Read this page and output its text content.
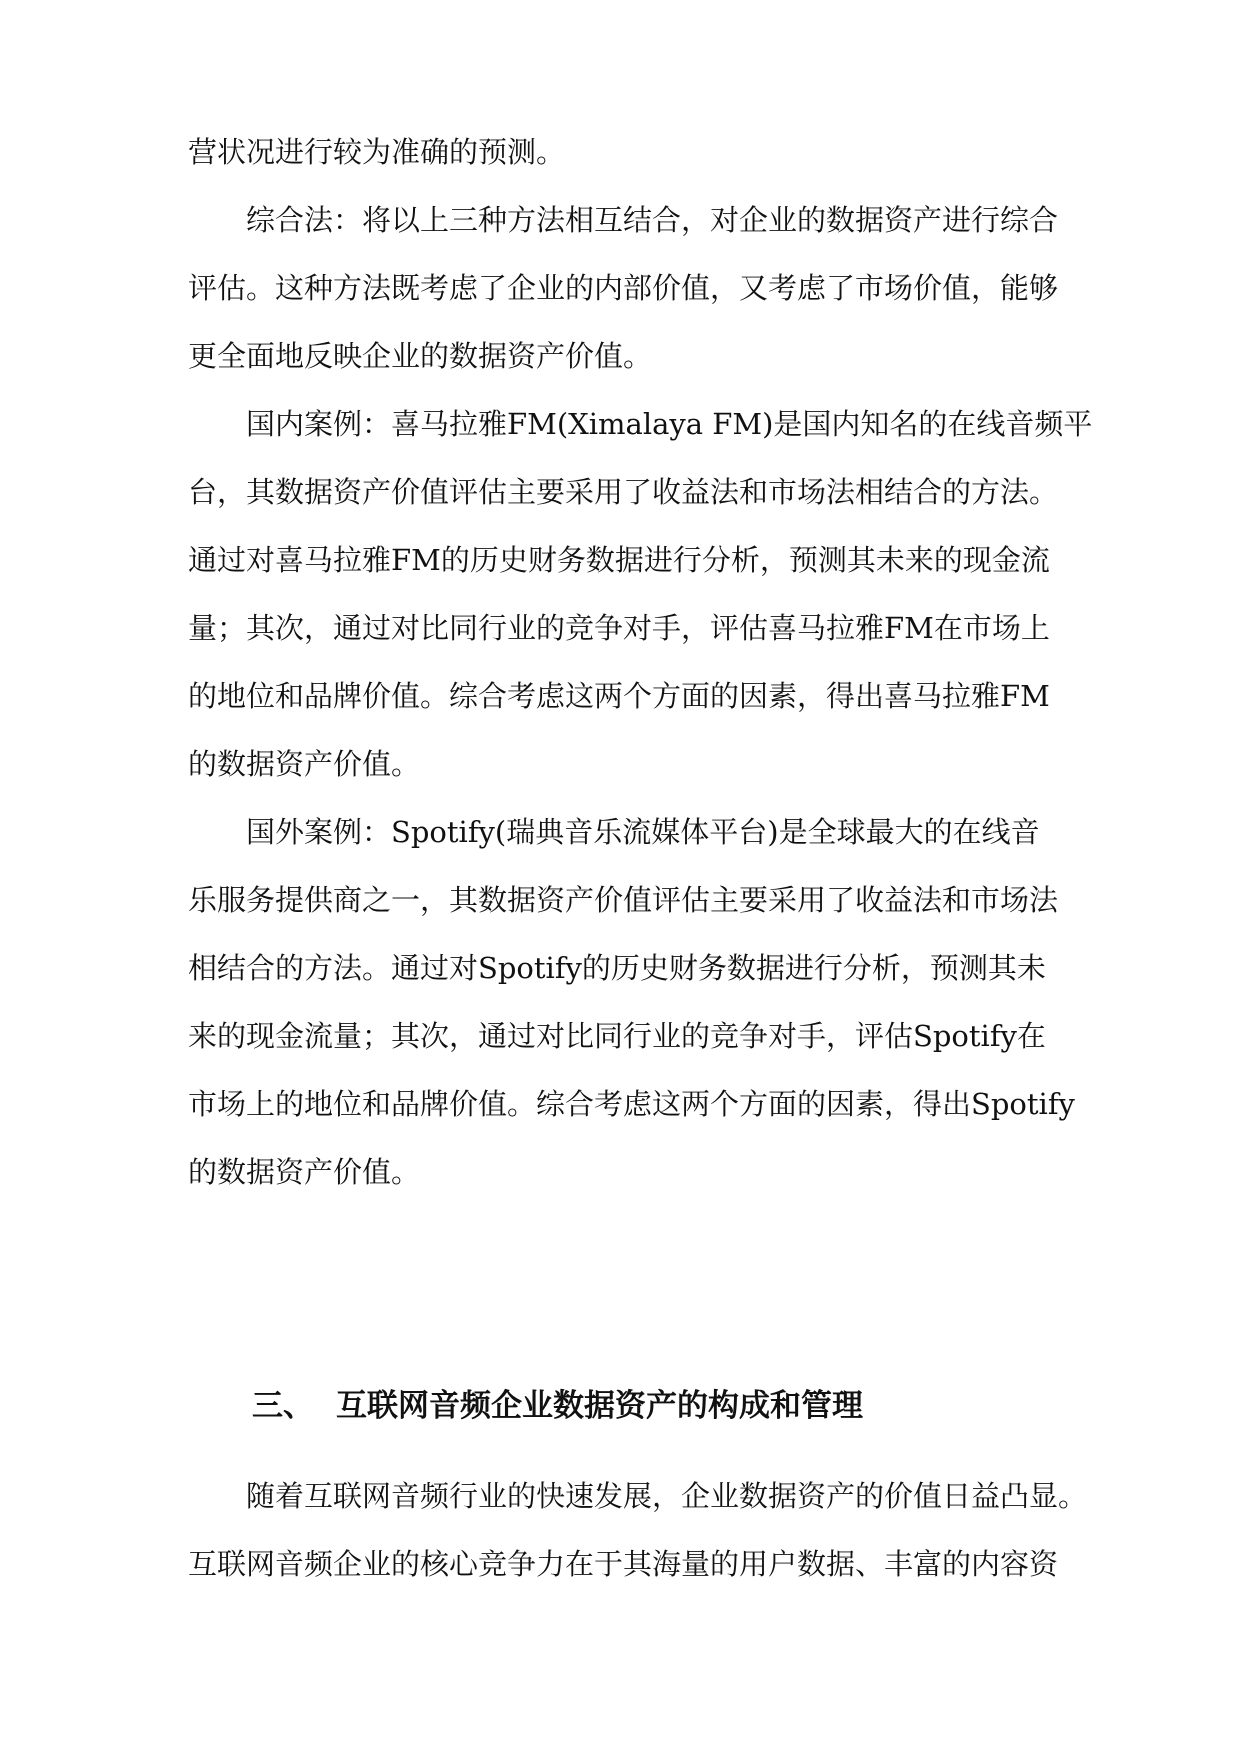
营状况进行较为准确的预测。
综合法：将以上三种方法相互结合，对企业的数据资产进行综合
评估。这种方法既考虑了企业的内部价值，又考虑了市场价值，能够
更全面地反映企业的数据资产价值。
国内案例：喜马拉雅FM(Ximalaya FM)是国内知名的在线音频平
台，其数据资产价值评估主要采用了收益法和市场法相结合的方法。
通过对喜马拉雅FM的历史财务数据进行分析，预测其未来的现金流
量；其次，通过对比同行业的竞争对手，评估喜马拉雅FM在市场上
的地位和品牌价值。综合考虑这两个方面的因素，得出喜马拉雅FM
的数据资产价值。
国外案例：Spotify(瑞典音乐流媒体平台)是全球最大的在线音
乐服务提供商之一，其数据资产价值评估主要采用了收益法和市场法
相结合的方法。通过对Spotify的历史财务数据进行分析，预测其未
来的现金流量；其次，通过对比同行业的竞争对手，评估Spotify在
市场上的地位和品牌价值。综合考虑这两个方面的因素，得出Spotify
的数据资产价值。
三、 互联网音频企业数据资产的构成和管理
随着互联网音频行业的快速发展，企业数据资产的价值日益凸显。
互联网音频企业的核心竞争力在于其海量的用户数据、丰富的内容资
